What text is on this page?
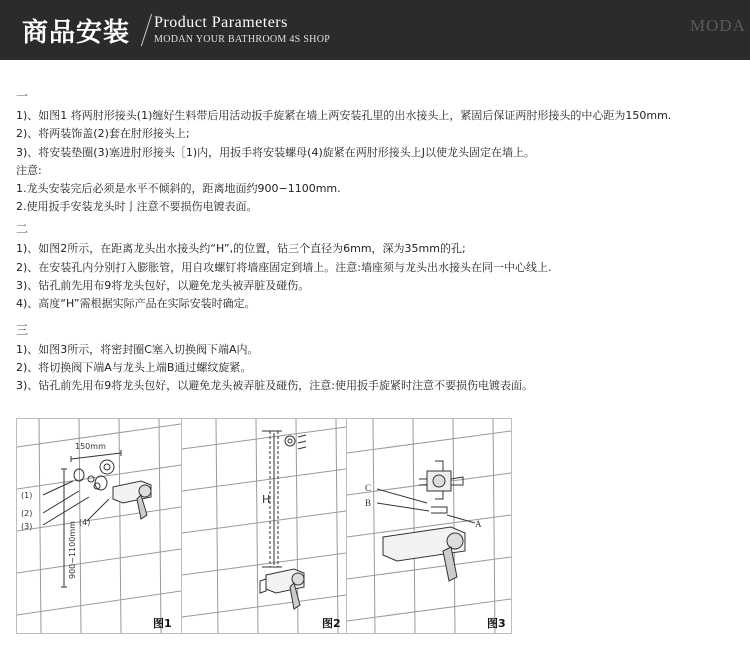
商品安装 Product Parameters
MODAN YOUR BATHROOM 4S SHOP
MODA
一
1)、如图1 将两肘形接头(1)缠好生料带后用活动扳手旋紧在墙上两安装孔里的出水接头上，紧固后保证两肘形接头的中心距为150mm.
2)、将两装饰盖(2)套在肘形接头上;
3)、将安装垫圈(3)塞进肘形接头［1)内，用扳手将安装螺母(4)旋紧在两肘形接头上J以使龙头固定在墙上。
注意:
1.龙头安装完后必须是水平不倾斜的，距离地面约900−1100mm.
2.使用扳手安装龙头时亅注意不要损伤电镀表面。
二
1)、如图2所示，在距离龙头出水接头约“H”,的位置，钻三个直径为6mm，深为35mm的孔;
2)、在安装孔内分别打入膨胀管，用自攻螺钉将墙座固定到墙上。注意:墙座须与龙头出水接头在同一中心线上.
3)、钻孔前先用布9将龙头包好，以避免龙头被弄脏及碰伤。
4)、高度“H”需根据实际产品在实际安装时确定。
三
1)、如图3所示，将密封圈C塞入切换阀下端A内。
2)、将切换阀下端A与龙头上端B通过螺纹旋紧。
3)、钻孔前先用布9将龙头包好，以避免龙头被弄脏及碰伤，注意:使用扳手旋紧时注意不要损伤电镀表面。
150mm
900~1100mm
(1)
(2)
(3)	(4)
图1
H
图2
C
B
A
图3
